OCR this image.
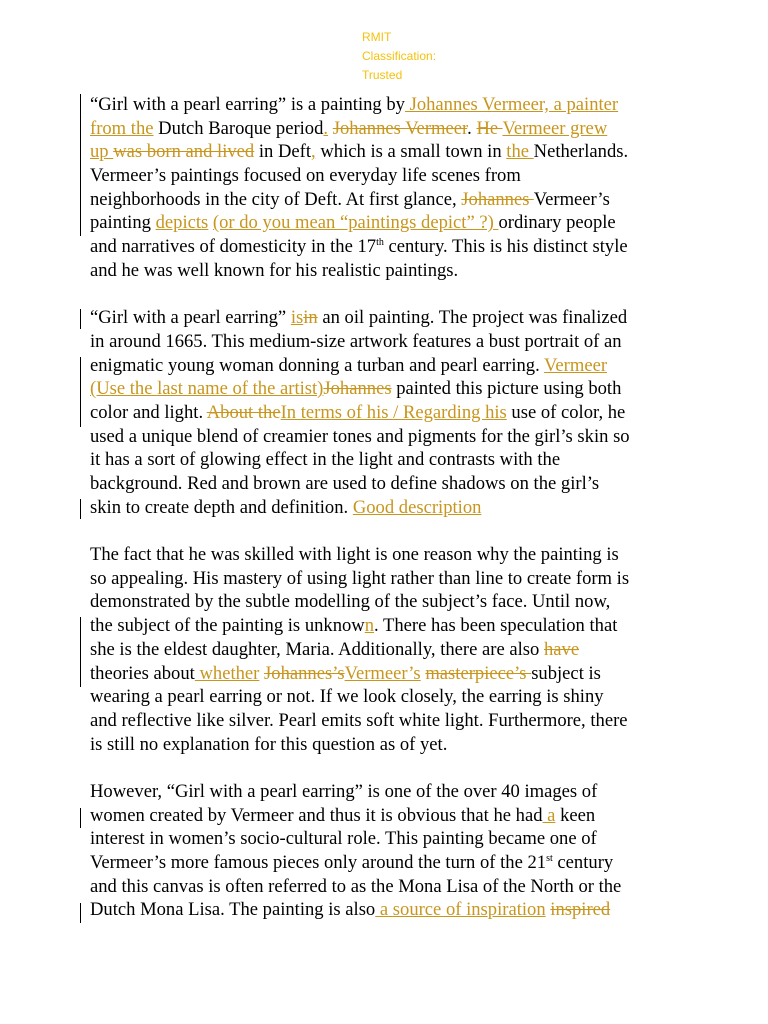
RMIT Classification: Trusted
“Girl with a pearl earring” is a painting by Johannes Vermeer, a painter
from the Dutch Baroque period. Johannes Vermeer. He Vermeer grew
up was born and lived in Deft, which is a small town in the Netherlands.
Vermeer’s paintings focused on everyday life scenes from
neighborhoods in the city of Deft. At first glance, Johannes Vermeer’s
painting depicts (or do you mean “paintings depict” ?) ordinary people
and narratives of domesticity in the 17th century. This is his distinct style
and he was well known for his realistic paintings.
“Girl with a pearl earring” isin an oil painting. The project was finalized
in around 1665. This medium-size artwork features a bust portrait of an
enigmatic young woman donning a turban and pearl earring. Vermeer
(Use the last name of the artist)Johannes painted this picture using both
color and light. About theIn terms of his / Regarding his use of color, he
used a unique blend of creamier tones and pigments for the girl’s skin so
it has a sort of glowing effect in the light and contrasts with the
background. Red and brown are used to define shadows on the girl’s
skin to create depth and definition. Good description
The fact that he was skilled with light is one reason why the painting is
so appealing. His mastery of using light rather than line to create form is
demonstrated by the subtle modelling of the subject’s face. Until now,
the subject of the painting is unknown. There has been speculation that
she is the eldest daughter, Maria. Additionally, there are also have
theories about whether Johannes’sVermeer’s masterpiece’s subject is
wearing a pearl earring or not. If we look closely, the earring is shiny
and reflective like silver. Pearl emits soft white light. Furthermore, there
is still no explanation for this question as of yet.
However, “Girl with a pearl earring” is one of the over 40 images of
women created by Vermeer and thus it is obvious that he had a keen
interest in women’s socio-cultural role. This painting became one of
Vermeer’s more famous pieces only around the turn of the 21st century
and this canvas is often referred to as the Mona Lisa of the North or the
Dutch Mona Lisa. The painting is also a source of inspiration inspired
